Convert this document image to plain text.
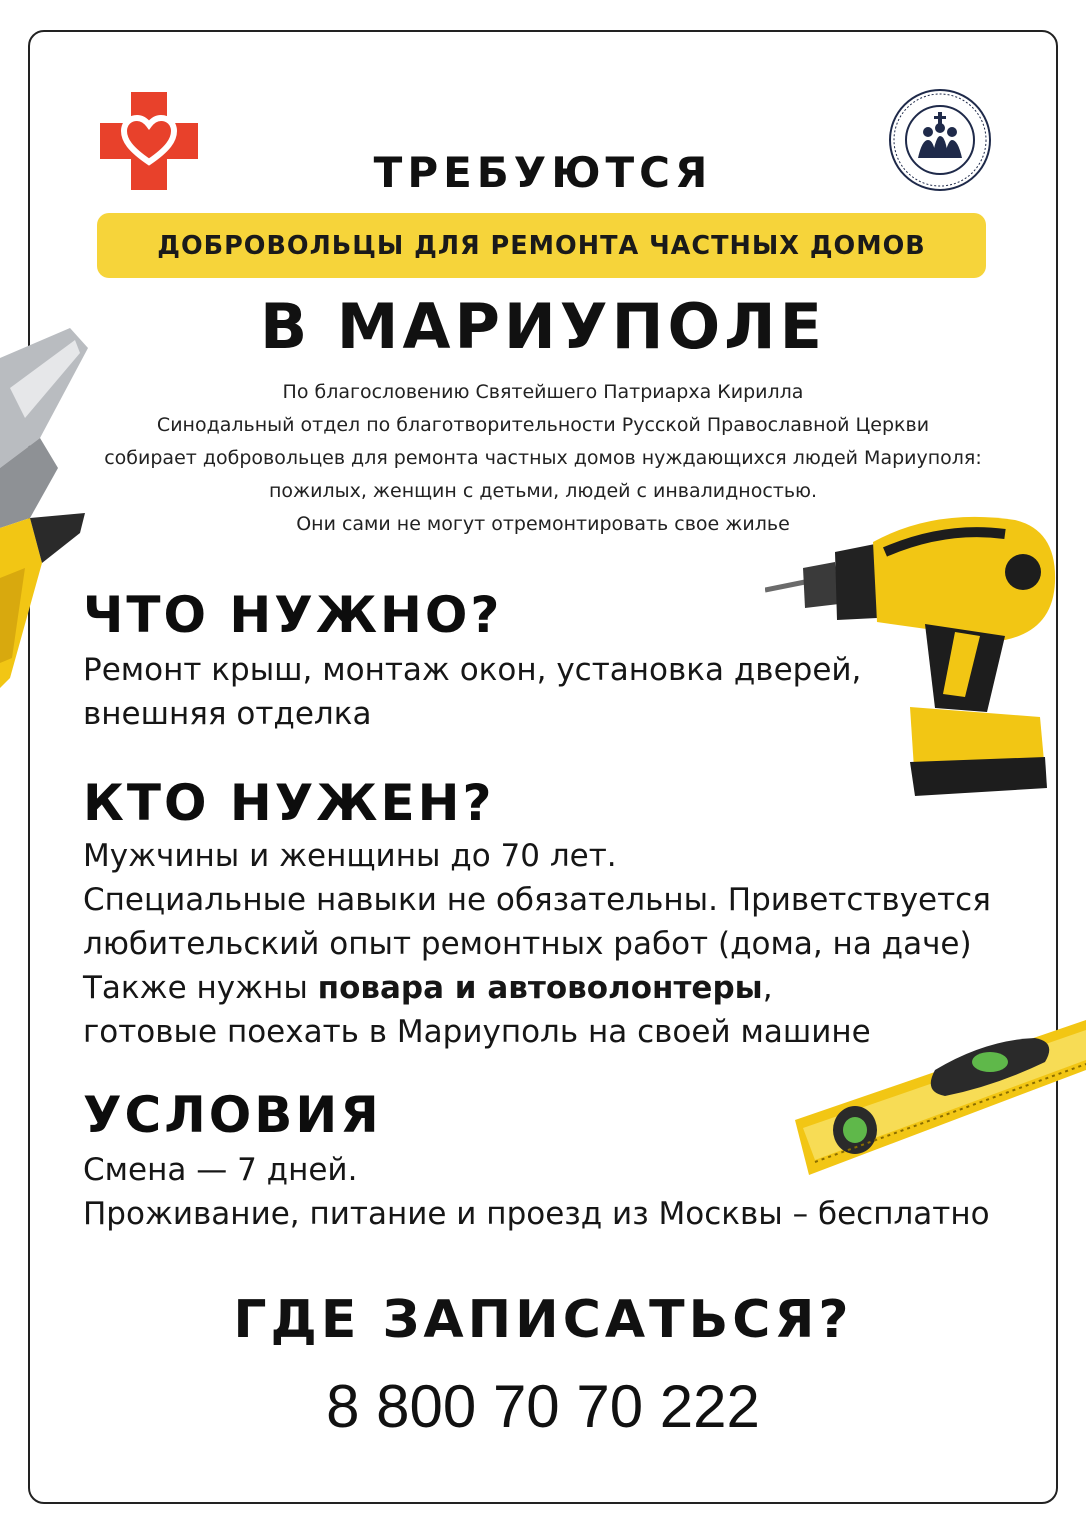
ТРЕБУЮТСЯ
ДОБРОВОЛЬЦЫ ДЛЯ РЕМОНТА ЧАСТНЫХ ДОМОВ
В МАРИУПОЛЕ
По благословению Святейшего Патриарха Кирилла
Синодальный отдел по благотворительности Русской Православной Церкви
собирает добровольцев для ремонта частных домов нуждающихся людей Мариуполя:
пожилых, женщин с детьми, людей с инвалидностью.
Они сами не могут отремонтировать свое жилье
ЧТО НУЖНО?
Ремонт крыш, монтаж окон, установка дверей,
внешняя отделка
КТО НУЖЕН?
Мужчины и женщины до 70 лет.
Специальные навыки не обязательны. Приветствуется
любительский опыт ремонтных работ (дома, на даче)
Также нужны повара и автоволонтеры,
готовые поехать в Мариуполь на своей машине
УСЛОВИЯ
Смена — 7 дней.
Проживание, питание и проезд из Москвы – бесплатно
ГДЕ ЗАПИСАТЬСЯ?
8 800 70 70 222
